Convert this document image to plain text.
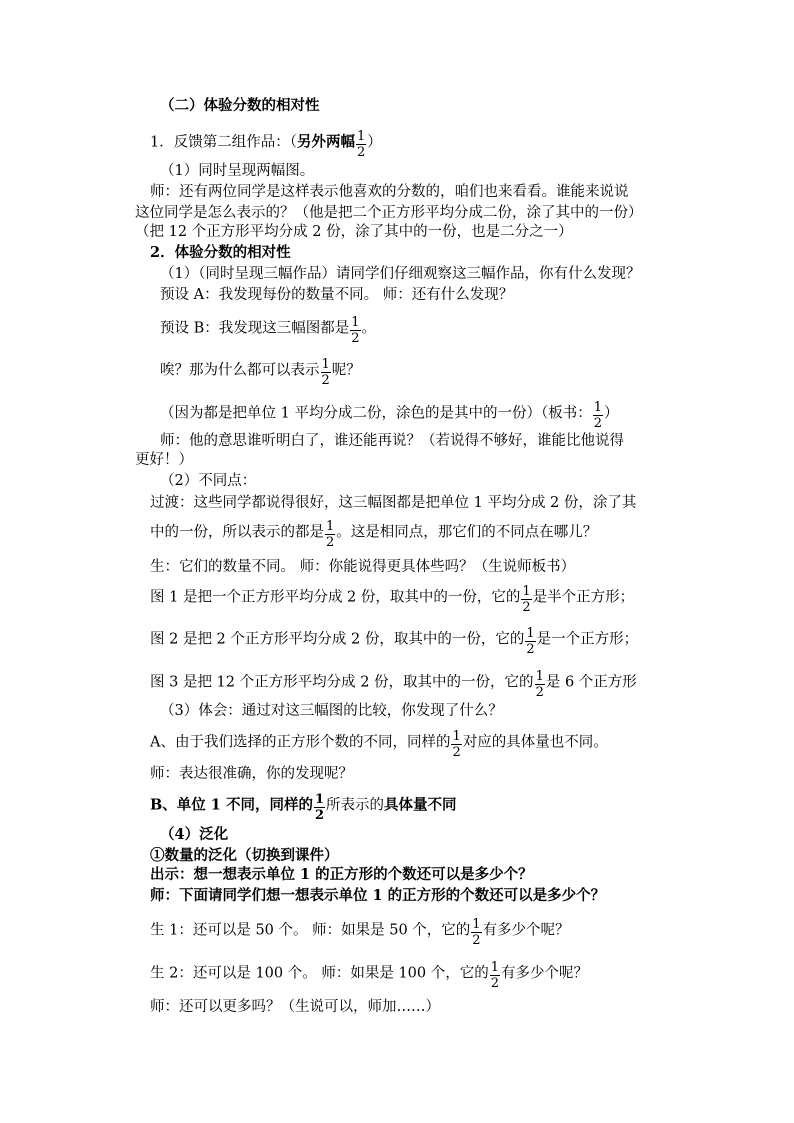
（二）体验分数的相对性
1．反馈第二组作品：（另外两幅 $\frac{1}{2}$ ）
（1）同时呈现两幅图。
师：还有两位同学是这样表示他喜欢的分数的，咱们也来看看。谁能来说说
这位同学是怎么表示的？（他是把二个正方形平均分成二份，涂了其中的一份）
（把 12 个正方形平均分成 2 份，涂了其中的一份，也是二分之一）
2．体验分数的相对性
（1）（同时呈现三幅作品）请同学们仔细观察这三幅作品，你有什么发现？
预设 A：我发现每份的数量不同。 师：还有什么发现？
预设 B：我发现这三幅图都是 $\frac{1}{2}$ 。
唉？那为什么都可以表示 $\frac{1}{2}$ 呢？
（因为都是把单位 1 平均分成二份，涂色的是其中的一份）（板书： $\frac{1}{2}$ ）
师：他的意思谁听明白了，谁还能再说？（若说得不够好，谁能比他说得
更好！）
（2）不同点：
过渡：这些同学都说得很好，这三幅图都是把单位 1 平均分成 2 份，涂了其
中的一份，所以表示的都是 $\frac{1}{2}$ 。这是相同点，那它们的不同点在哪儿？
生：它们的数量不同。 师：你能说得更具体些吗？（生说师板书）
图 1 是把一个正方形平均分成 2 份，取其中的一份，它的 $\frac{1}{2}$ 是半个正方形；
图 2 是把 2 个正方形平均分成 2 份，取其中的一份，它的 $\frac{1}{2}$ 是一个正方形；
图 3 是把 12 个正方形平均分成 2 份，取其中的一份，它的 $\frac{1}{2}$ 是 6 个正方形
（3）体会：通过对这三幅图的比较，你发现了什么？
A、由于我们选择的正方形个数的不同，同样的 $\frac{1}{2}$ 对应的具体量也不同。
师：表达很准确，你的发现呢？
B、单位 1 不同，同样的 $\frac{1}{2}$ 所表示的具体量不同
（4）泛化
①数量的泛化（切换到课件）
出示：想一想表示单位 1 的正方形的个数还可以是多少个？
师：下面请同学们想一想表示单位 1 的正方形的个数还可以是多少个？
生 1：还可以是 50 个。 师：如果是 50 个，它的 $\frac{1}{2}$ 有多少个呢？
生 2：还可以是 100 个。 师：如果是 100 个，它的 $\frac{1}{2}$ 有多少个呢？
师：还可以更多吗？（生说可以，师加……）
